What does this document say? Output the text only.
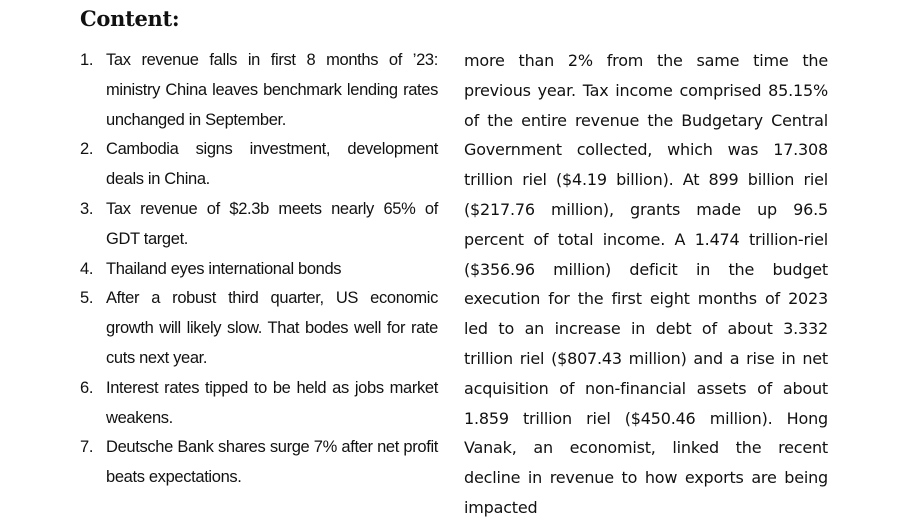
Content:
1. Tax revenue falls in first 8 months of ’23: ministry China leaves benchmark lending rates unchanged in September.
2. Cambodia signs investment, development deals in China.
3. Tax revenue of $2.3b meets nearly 65% of GDT target.
4. Thailand eyes international bonds
5. After a robust third quarter, US economic growth will likely slow. That bodes well for rate cuts next year.
6. Interest rates tipped to be held as jobs market weakens.
7. Deutsche Bank shares surge 7% after net profit beats expectations.

more than 2% from the same time the previous year. Tax income comprised 85.15% of the entire revenue the Budgetary Central Government collected, which was 17.308 trillion riel ($4.19 billion). At 899 billion riel ($217.76 million), grants made up 96.5 percent of total income. A 1.474 trillion-riel ($356.96 million) deficit in the budget execution for the first eight months of 2023 led to an increase in debt of about 3.332 trillion riel ($807.43 million) and a rise in net acquisition of non-financial assets of about 1.859 trillion riel ($450.46 million). Hong Vanak, an economist, linked the recent decline in revenue to how exports are being impacted
